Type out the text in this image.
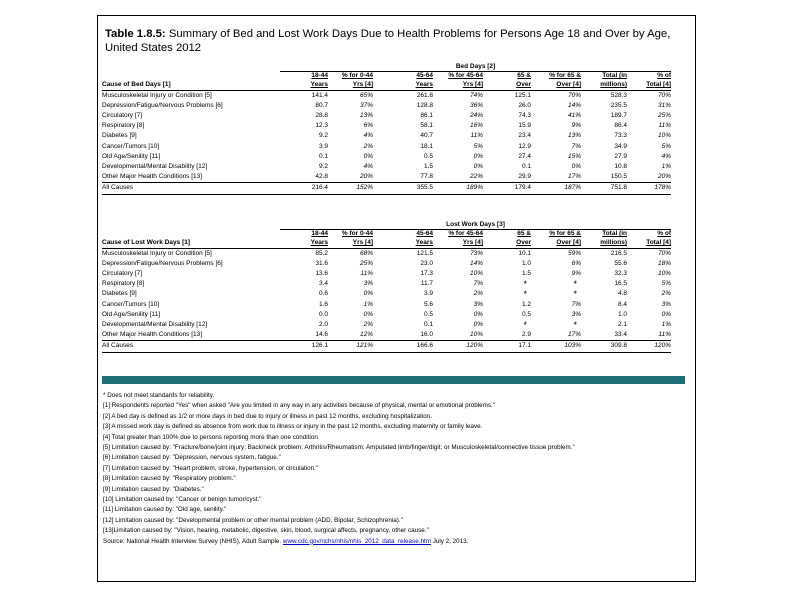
Table 1.8.5: Summary of Bed and Lost Work Days Due to Health Problems for Persons Age 18 and Over by Age, United States 2012
	Bed Days [2]							
	18-44	% for 0-44	45-64	% for 45-64	65 &	% for 65 &	Total (in	% of
Cause of Bed Days [1]	Years	Yrs [4]	Years	Yrs [4]	Over	Over [4]	millions)	Total [4]
Musculoskeletal Injury or Condition [5]	141.4	65%	261.8	74%	125.1	70%	528.3	70%
Depression/Fatigue/Nervous Problems [6]	80.7	37%	128.8	36%	26.0	14%	235.5	31%
Circulatory [7]	28.8	13%	86.1	24%	74.3	41%	189.7	25%
Respiratory [8]	12.3	6%	58.1	16%	15.9	9%	86.4	11%
Diabetes [9]	9.2	4%	40.7	11%	23.4	13%	73.3	10%
Cancer/Tumors [10]	3.9	2%	18.1	5%	12.9	7%	34.9	5%
Old Age/Senility [11]	0.1	0%	0.5	0%	27.4	15%	27.9	4%
Developmental/Mental Disability [12]	9.2	4%	1.5	0%	0.1	0%	10.8	1%
Other Major Health Conditions [13]	42.8	20%	77.8	22%	29.9	17%	150.5	20%
All Causes	216.4	152%	355.5	189%	179.4	187%	751.8	178%
	Lost Work Days [3]							
	18-44	% for 0-44	45-64	% for 45-64	65 &	% for 65 &	Total (in	% of
Cause of Lost Work Days [1]	Years	Yrs [4]	Years	Yrs [4]	Over	Over [4]	millions)	Total [4]
Musculoskeletal Injury or Condition [5]	85.2	68%	121.5	73%	10.1	59%	216.5	70%
Depression/Fatigue/Nervous Problems [6]	31.6	25%	23.0	14%	1.0	6%	55.6	18%
Circulatory [7]	13.6	11%	17.3	10%	1.5	9%	32.3	10%
Respiratory [8]	3.4	3%	11.7	7%	*	*	16.5	5%
Diabetes [9]	0.6	0%	3.9	2%	*	*	4.8	2%
Cancer/Tumors [10]	1.6	1%	5.6	3%	1.2	7%	8.4	3%
Old Age/Senility [11]	0.0	0%	0.5	0%	0.5	3%	1.0	0%
Developmental/Mental Disability [12]	2.0	2%	0.1	0%	*	*	2.1	1%
Other Major Health Conditions [13]	14.6	12%	16.0	10%	2.9	17%	33.4	11%
All Causes	126.1	121%	166.6	120%	17.1	103%	309.8	120%
* Does not meet standards for reliability.
[1] Respondents reported "Yes" when asked "Are you limited in any way in any activities because of physical, mental or emotional problems."
[2] A bed day is defined as 1/2 or more days in bed due to injury or illness in past 12 months, excluding hospitalization.
[3] A missed work day is defined as absence from work due to illness or injury in the past 12 months, excluding maternity or family leave.
[4] Total greater than 100% due to persons reporting more than one condition
[5] Limitation caused by: "Fracture/bone/joint injury; Back/neck problem; Arthritis/Rheumatism; Amputated limb/finger/digit; or Musculoskeletal/connective tissue problem."
[6] Limitation caused by: "Depression, nervous system, fatigue."
[7] Limitation caused by: "Heart problem, stroke, hypertension, or circulation."
[8] Limitation caused by: "Respiratory problem."
[9] Limitation caused by: "Diabetes."
[10] Limitation caused by: "Cancer or benign tumor/cyst."
[11] Limitation caused by: "Old age, senility."
[12] Limitation caused by: "Developmental problem or other mental problem (ADD, Bipolar, Schizophrenia)."
[13]Limitation caused by: "Vision, hearing, metabolic, digestive, skin, blood, surgical affects, pregnancy, other cause."
Source: National Health Interview Survey (NHIS), Adult Sample. www.cdc.gov/nchs/nhis/nhis_2012_data_release.htm July 2, 2013.
